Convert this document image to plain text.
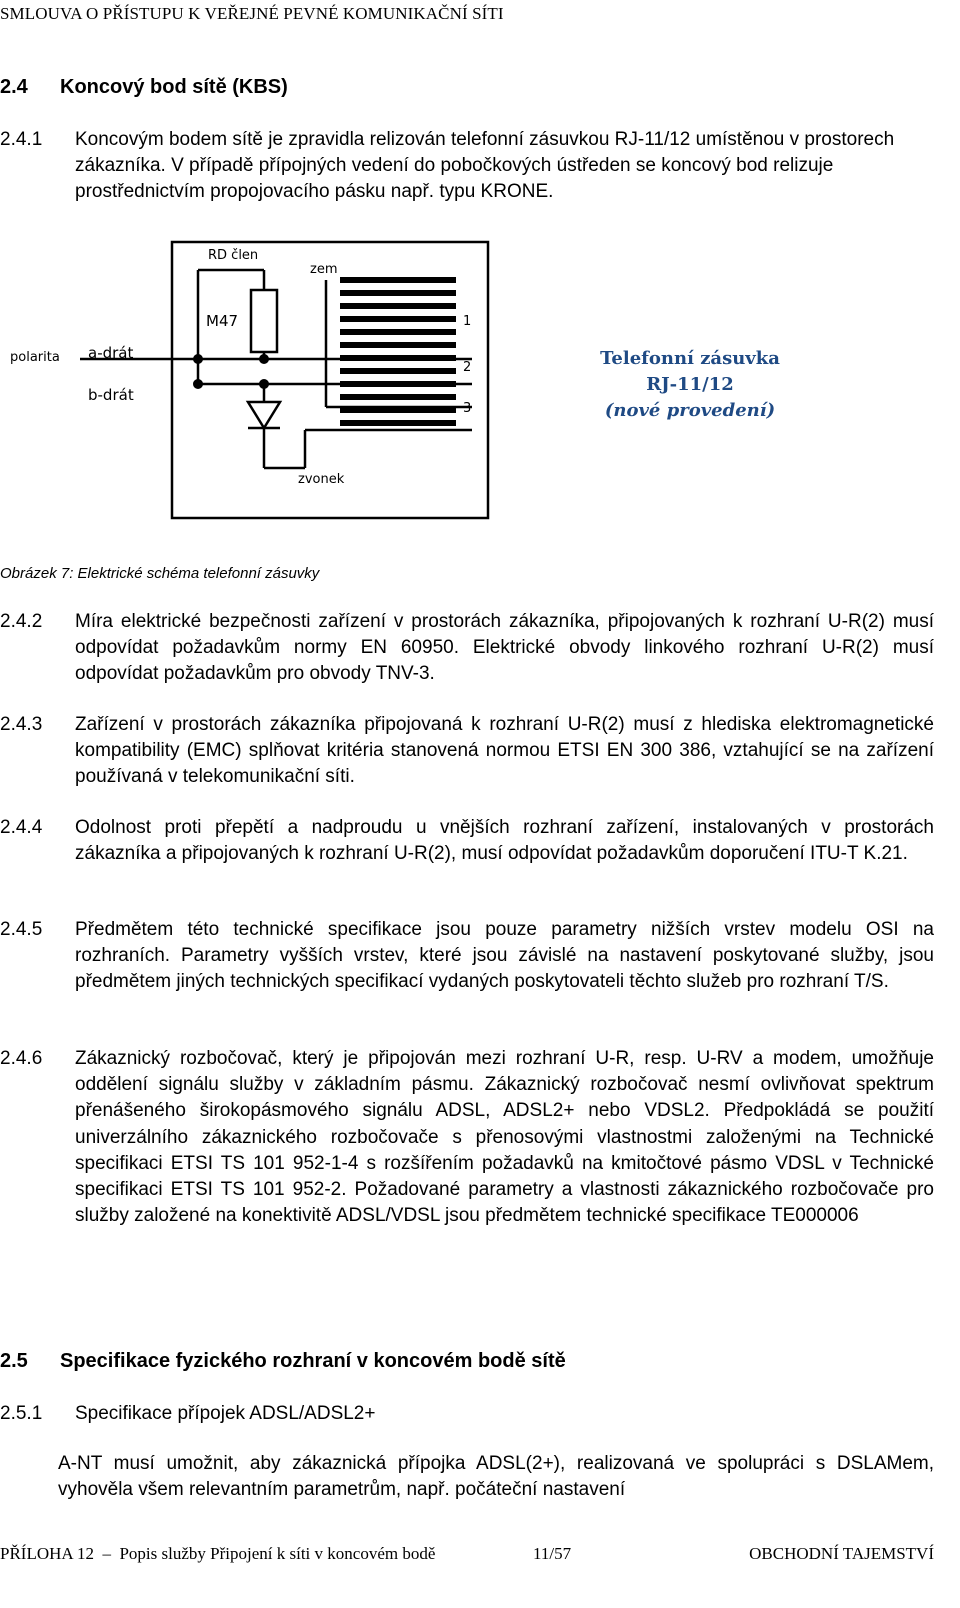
SMLOUVA O PŘÍSTUPU K VEŘEJNÉ PEVNÉ KOMUNIKAČNÍ SÍTI
2.4 Koncový bod sítě (KBS)
2.4.1 Koncovým bodem sítě je zpravidla relizován telefonní zásuvkou RJ-11/12 umístěnou v prostorech zákazníka. V případě přípojných vedení do pobočkových ústředen se koncový bod relizuje prostřednictvím propojovacího pásku např. typu KRONE.
RD člen
zem
M47
polarita a-drát
b-drát
1
2
3
zvonek
Telefonní zásuvka
RJ-11/12
(nové provedení)
Obrázek 7: Elektrické schéma telefonní zásuvky
2.4.2 Míra elektrické bezpečnosti zařízení v prostorách zákazníka, připojovaných k rozhraní U-R(2) musí odpovídat požadavkům normy EN 60950. Elektrické obvody linkového rozhraní U-R(2) musí odpovídat požadavkům pro obvody TNV-3.
2.4.3 Zařízení v prostorách zákazníka připojovaná k rozhraní U-R(2) musí z hlediska elektromagnetické kompatibility (EMC) splňovat kritéria stanovená normou ETSI EN 300 386, vztahující se na zařízení používaná v telekomunikační síti.
2.4.4 Odolnost proti přepětí a nadproudu u vnějších rozhraní zařízení, instalovaných v prostorách zákazníka a připojovaných k rozhraní U-R(2), musí odpovídat požadavkům doporučení ITU-T K.21.
2.4.5 Předmětem této technické specifikace jsou pouze parametry nižších vrstev modelu OSI na rozhraních. Parametry vyšších vrstev, které jsou závislé na nastavení poskytované služby, jsou předmětem jiných technických specifikací vydaných poskytovateli těchto služeb pro rozhraní T/S.
2.4.6 Zákaznický rozbočovač, který je připojován mezi rozhraní U-R, resp. U-RV a modem, umožňuje oddělení signálu služby v základním pásmu. Zákaznický rozbočovač nesmí ovlivňovat spektrum přenášeného širokopásmového signálu ADSL, ADSL2+ nebo VDSL2. Předpokládá se použití univerzálního zákaznického rozbočovače s přenosovými vlastnostmi založenými na Technické specifikaci ETSI TS 101 952-1-4 s rozšířením požadavků na kmitočtové pásmo VDSL v Technické specifikaci ETSI TS 101 952-2. Požadované parametry a vlastnosti zákaznického rozbočovače pro služby založené na konektivitě ADSL/VDSL jsou předmětem technické specifikace TE000006
2.5 Specifikace fyzického rozhraní v koncovém bodě sítě
2.5.1 Specifikace přípojek ADSL/ADSL2+
A-NT musí umožnit, aby zákaznická přípojka ADSL(2+), realizovaná ve spolupráci s DSLAMem, vyhověla všem relevantním parametrům, např. počáteční nastavení
PŘÍLOHA 12  –  Popis služby Připojení k síti v koncovém bodě	11/57	OBCHODNÍ TAJEMSTVÍ
